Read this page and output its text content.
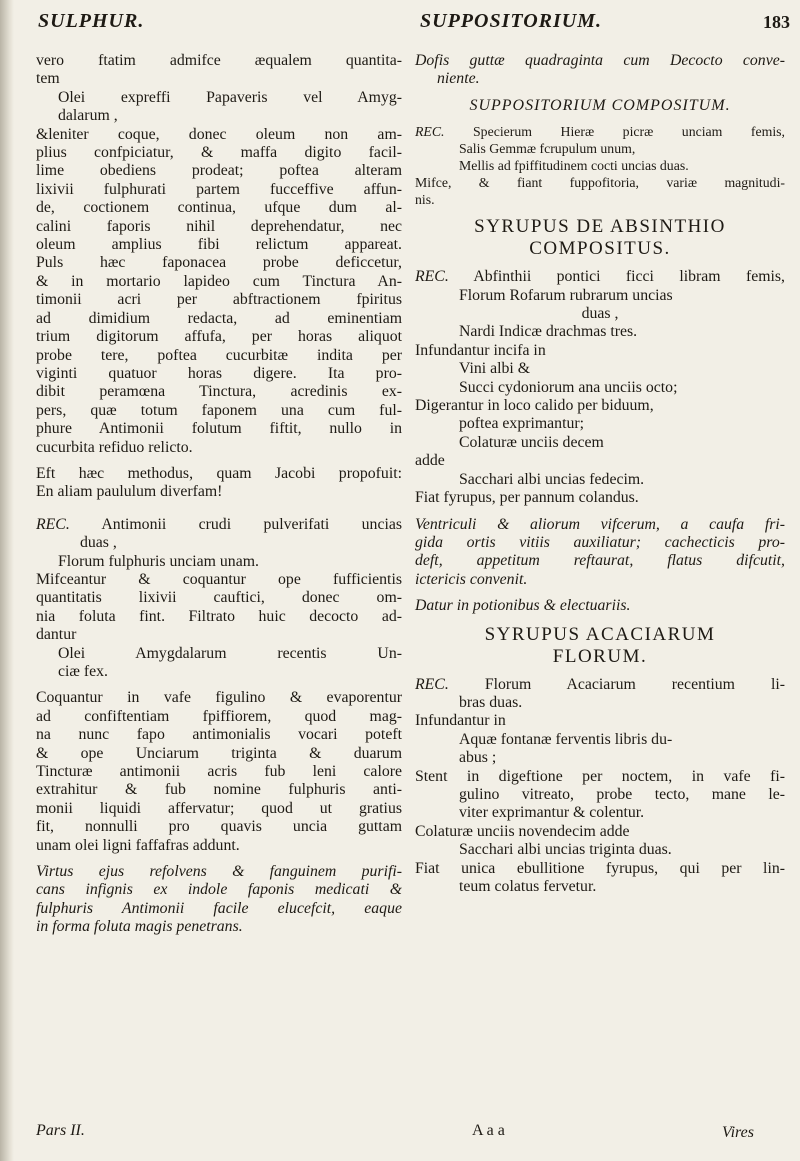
SULPHUR.	SUPPOSITORIUM.	183

vero ftatim admifce æqualem quantita-

tem

Olei expreffi Papaveris vel Amyg-

dalarum ,

&leniter coque, donec oleum non am-

plius confpiciatur, & maffa digito facil-

lime obediens prodeat; poftea alteram

lixivii fulphurati partem fucceffive affun-

de, coctionem continua, ufque dum al-

calini faporis nihil deprehendatur, nec

oleum amplius fibi relictum appareat.

Puls hæc faponacea probe deficcetur,

& in mortario lapideo cum Tinctura An-

timonii acri per abftractionem fpiritus

ad dimidium redacta, ad eminentiam

trium digitorum affufa, per horas aliquot

probe tere, poftea cucurbitæ indita per

viginti quatuor horas digere. Ita pro-

dibit peramœna Tinctura, acredinis ex-

pers, quæ totum faponem una cum ful-

phure Antimonii folutum fiftit, nullo in

cucurbita refiduo relicto.

Eft hæc methodus, quam Jacobi propofuit:

En aliam paululum diverfam!

REC. Antimonii crudi pulverifati uncias

duas ,

Florum fulphuris unciam unam.

Mifceantur & coquantur ope fufficientis

quantitatis lixivii cauftici, donec om-

nia foluta fint. Filtrato huic decocto ad-

dantur

Olei Amygdalarum recentis Un-

ciæ fex.

Coquantur in vafe figulino & evaporentur

ad confiftentiam fpiffiorem, quod mag-

na nunc fapo antimonialis vocari poteft

& ope Unciarum triginta & duarum

Tincturæ antimonii acris fub leni calore

extrahitur & fub nomine fulphuris anti-

monii liquidi affervatur; quod ut gratius

fit, nonnulli pro quavis uncia guttam

unam olei ligni faffafras addunt.

Virtus ejus refolvens & fanguinem purifi-

cans infignis ex indole faponis medicati &

fulphuris Antimonii facile elucefcit, eaque

in forma foluta magis penetrans.

Dofis guttæ quadraginta cum Decocto conve-

niente.

SUPPOSITORIUM COMPOSITUM.

REC. Specierum Hieræ picræ unciam femis,

Salis Gemmæ fcrupulum unum,

Mellis ad fpiffitudinem cocti uncias duas.

Mifce, & fiant fuppofitoria, variæ magnitudi-

nis.

SYRUPUS DE ABSINTHIO

COMPOSITUS.

REC. Abfinthii pontici ficci libram femis,

Florum Rofarum rubrarum uncias

duas ,

Nardi Indicæ drachmas tres.

Infundantur incifa in

Vini albi &

Succi cydoniorum ana unciis octo;

Digerantur in loco calido per biduum,

poftea exprimantur;

Colaturæ unciis decem

adde

Sacchari albi uncias fedecim.

Fiat fyrupus, per pannum colandus.

Ventriculi & aliorum vifcerum, a caufa fri-

gida ortis vitiis auxiliatur; cachecticis pro-

deft, appetitum reftaurat, flatus difcutit,

ictericis convenit.

Datur in potionibus & electuariis.

SYRUPUS ACACIARUM

FLORUM.

REC. Florum Acaciarum recentium li-

bras duas.

Infundantur in

Aquæ fontanæ ferventis libris du-

abus ;

Stent in digeftione per noctem, in vafe fi-

gulino vitreato, probe tecto, mane le-

viter exprimantur & colentur.

Colaturæ unciis novendecim adde

Sacchari albi uncias triginta duas.

Fiat unica ebullitione fyrupus, qui per lin-

teum colatus fervetur.

Pars II.	A a a	Vires
